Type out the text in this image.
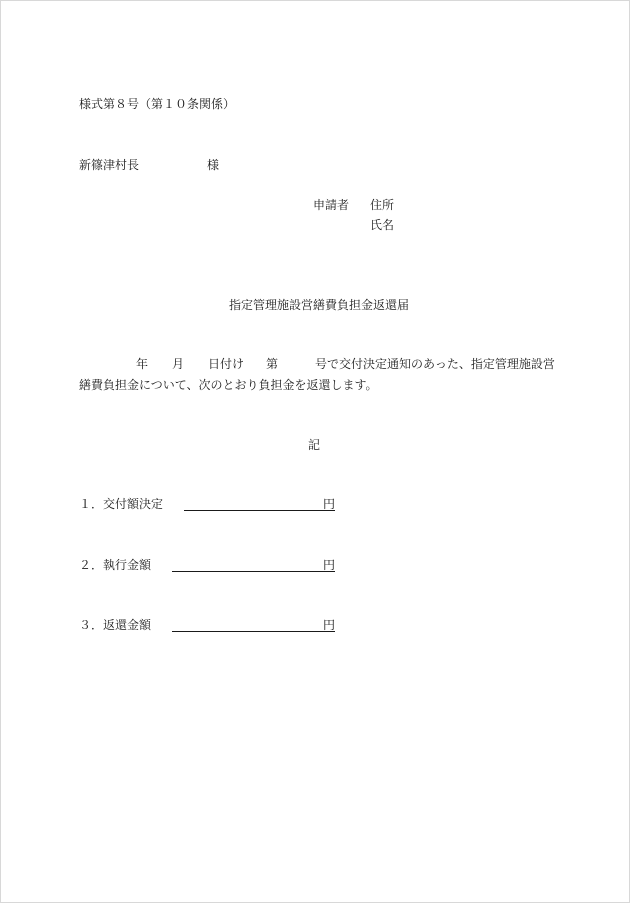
様式第８号（第１０条関係）
新篠津村長	様
申請者 住所
氏名
指定管理施設営繕費負担金返還届
年 月 日付け 第	号で交付決定通知のあった、指定管理施設営
繕費負担金について、次のとおり負担金を返還します。
記
１． 交付額決定	円
２． 執行金額	円
３． 返還金額	円
